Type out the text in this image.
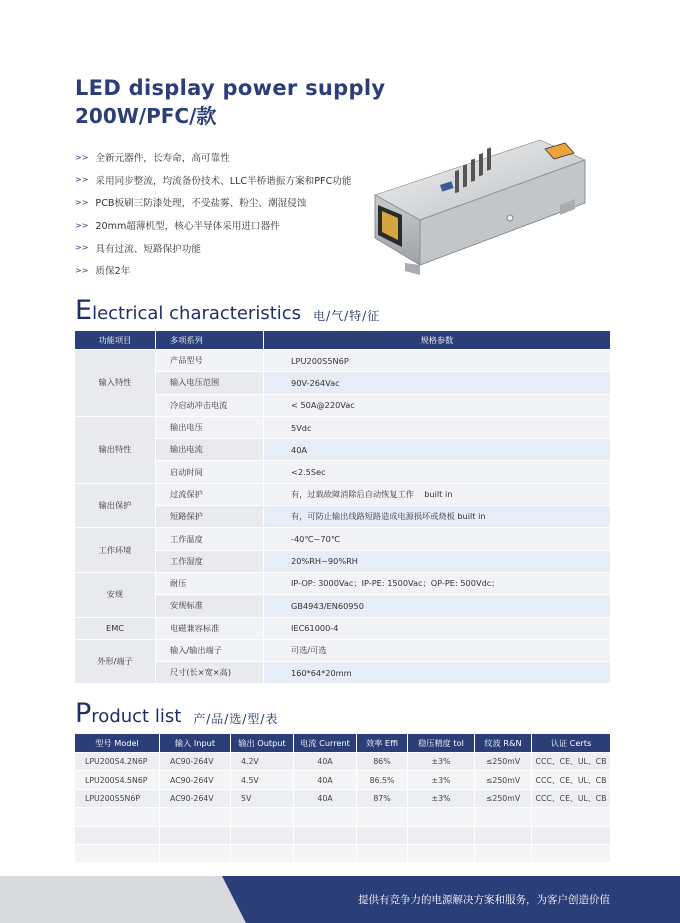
LED display power supply
200W/PFC/款
>> 全新元器件，长寿命，高可靠性
>> 采用同步整流，均流备份技术、LLC半桥谐振方案和PFC功能
>> PCB板刷三防漆处理，不受盐雾、粉尘、潮湿侵蚀
>> 20mm超薄机型，核心半导体采用进口器件
>> 具有过流、短路保护功能
>> 质保2年
E lectrical characteristics 电/气/特/征
功能项目	多项系列	规格参数
输入特性	产品型号	LPU200S5N6P
	输入电压范围	90V-264Vac
	冷启动冲击电流	< 50A@220Vac
输出特性	输出电压	5Vdc
	输出电流	40A
	启动时间	<2.5Sec
输出保护	过流保护	有，过载故障消除后自动恢复工作    built in
	短路保护	有，可防止输出线路短路造成电源损坏或烧板 built in
工作环境	工作温度	-40℃~70℃
	工作湿度	20%RH~90%RH
安规	耐压	IP-OP: 3000Vac；IP-PE: 1500Vac；OP-PE: 500Vdc；
	安规标准	GB4943/EN60950
EMC	电磁兼容标准	IEC61000-4
外形/端子	输入/输出端子	可选/可选
	尺寸(长×宽×高)	160*64*20mm
P roduct list 产/品/选/型/表
型号 Model	输入 Input	输出 Output	电流 Current	效率 Effi	稳压精度 tol	纹波 R&N	认证 Certs
LPU200S4.2N6P	AC90-264V	4.2V	40A	86%	±3%	≤250mV	CCC、CE、UL、CB
LPU200S4.5N6P	AC90-264V	4.5V	40A	86.5%	±3%	≤250mV	CCC、CE、UL、CB
LPU200S5N6P	AC90-264V	5V	40A	87%	±3%	≤250mV	CCC、CE、UL、CB

提供有竞争力的电源解决方案和服务，为客户创造价值
